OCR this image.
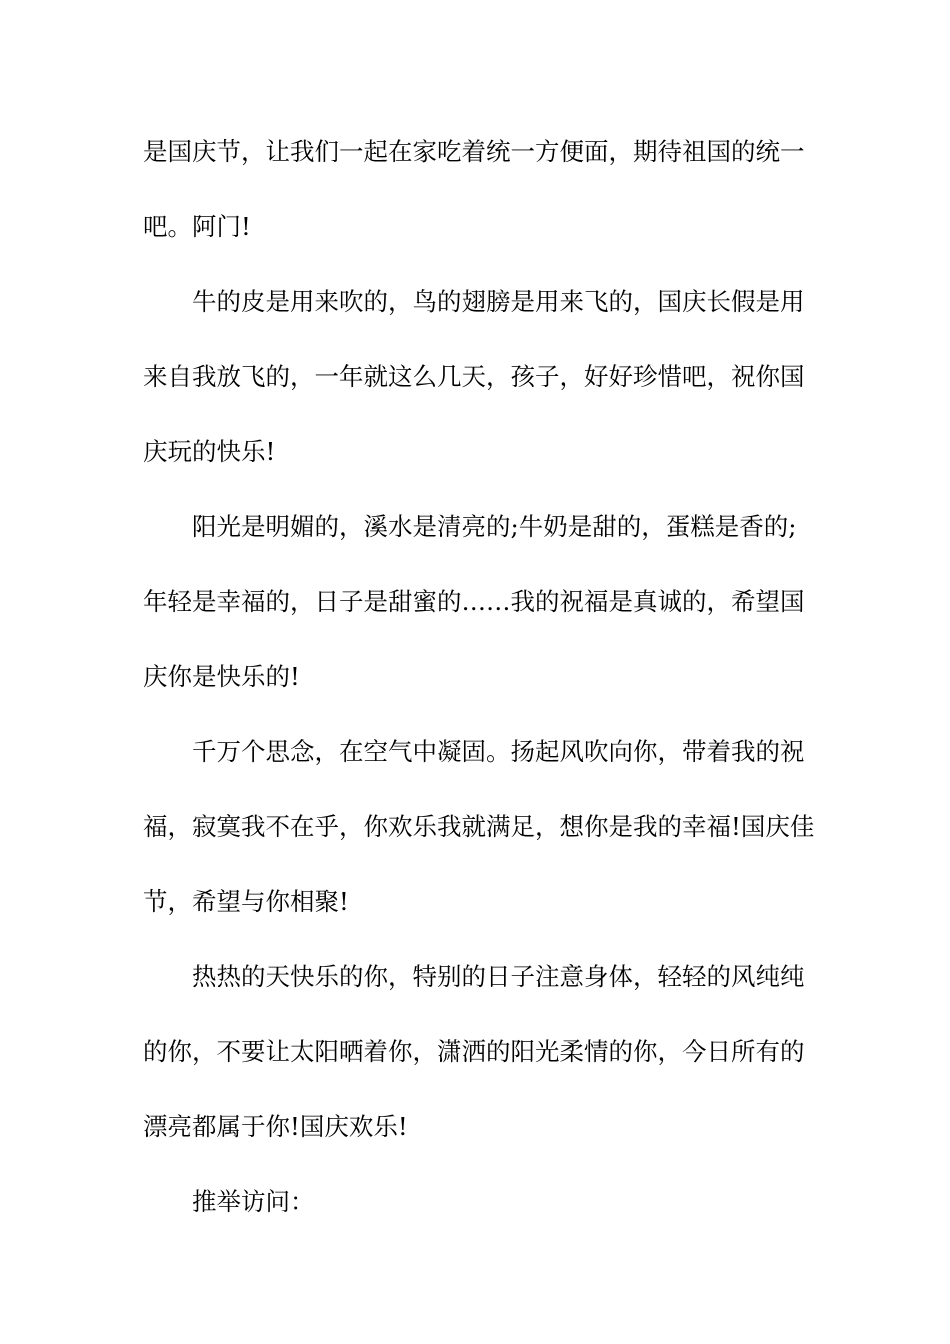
是国庆节，让我们一起在家吃着统一方便面，期待祖国的统一
吧。阿门!
牛的皮是用来吹的，鸟的翅膀是用来飞的，国庆长假是用
来自我放飞的，一年就这么几天，孩子，好好珍惜吧，祝你国
庆玩的快乐!
阳光是明媚的，溪水是清亮的;牛奶是甜的，蛋糕是香的;
年轻是幸福的，日子是甜蜜的……我的祝福是真诚的，希望国
庆你是快乐的!
千万个思念，在空气中凝固。扬起风吹向你，带着我的祝
福，寂寞我不在乎，你欢乐我就满足，想你是我的幸福!国庆佳
节，希望与你相聚!
热热的天快乐的你，特别的日子注意身体，轻轻的风纯纯
的你，不要让太阳晒着你，潇洒的阳光柔情的你，今日所有的
漂亮都属于你!国庆欢乐!
推举访问：
